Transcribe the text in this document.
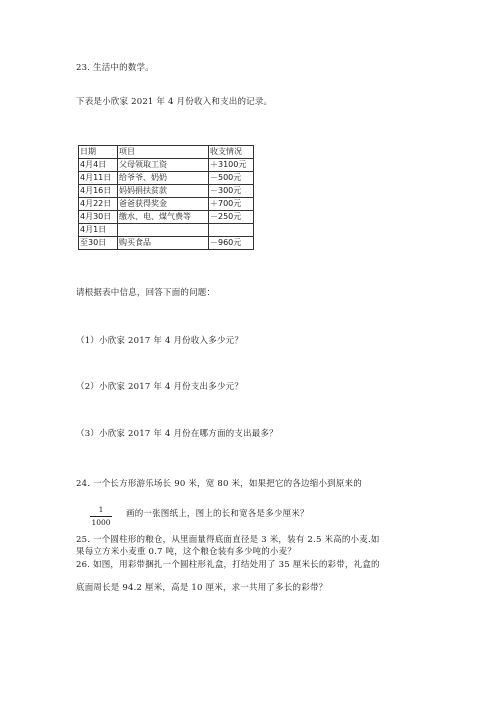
23. 生活中的数学。
下表是小欣家 2021 年 4 月份收入和支出的记录。
日期	项目	收支情况
4月4日	父母领取工资	＋3100元
4月11日	给爷爷、奶奶	－500元
4月16日	妈妈捐扶贫款	－300元
4月22日	爸爸获得奖金	＋700元
4月30日	缴水、电、煤气费等	－250元
4月1日		
至30日	购买食品	－960元
请根据表中信息，回答下面的问题：
（1）小欣家 2017 年 4 月份收入多少元？
（2）小欣家 2017 年 4 月份支出多少元？
（3）小欣家 2017 年 4 月份在哪方面的支出最多？
24. 一个长方形游乐场长 90 米，宽 80 米，如果把它的各边缩小到原来的
1
1000
画的一张图纸上，图上的长和宽各是多少厘米？
25. 一个圆柱形的粮仓，从里面量得底面直径是 3 米，装有 2.5 米高的小麦.如
果每立方米小麦重 0.7 吨，这个粮仓装有多少吨的小麦？
26. 如图，用彩带捆扎一个圆柱形礼盒，打结处用了 35 厘米长的彩带，礼盒的
底面周长是 94.2 厘米，高是 10 厘米，求一共用了多长的彩带？
